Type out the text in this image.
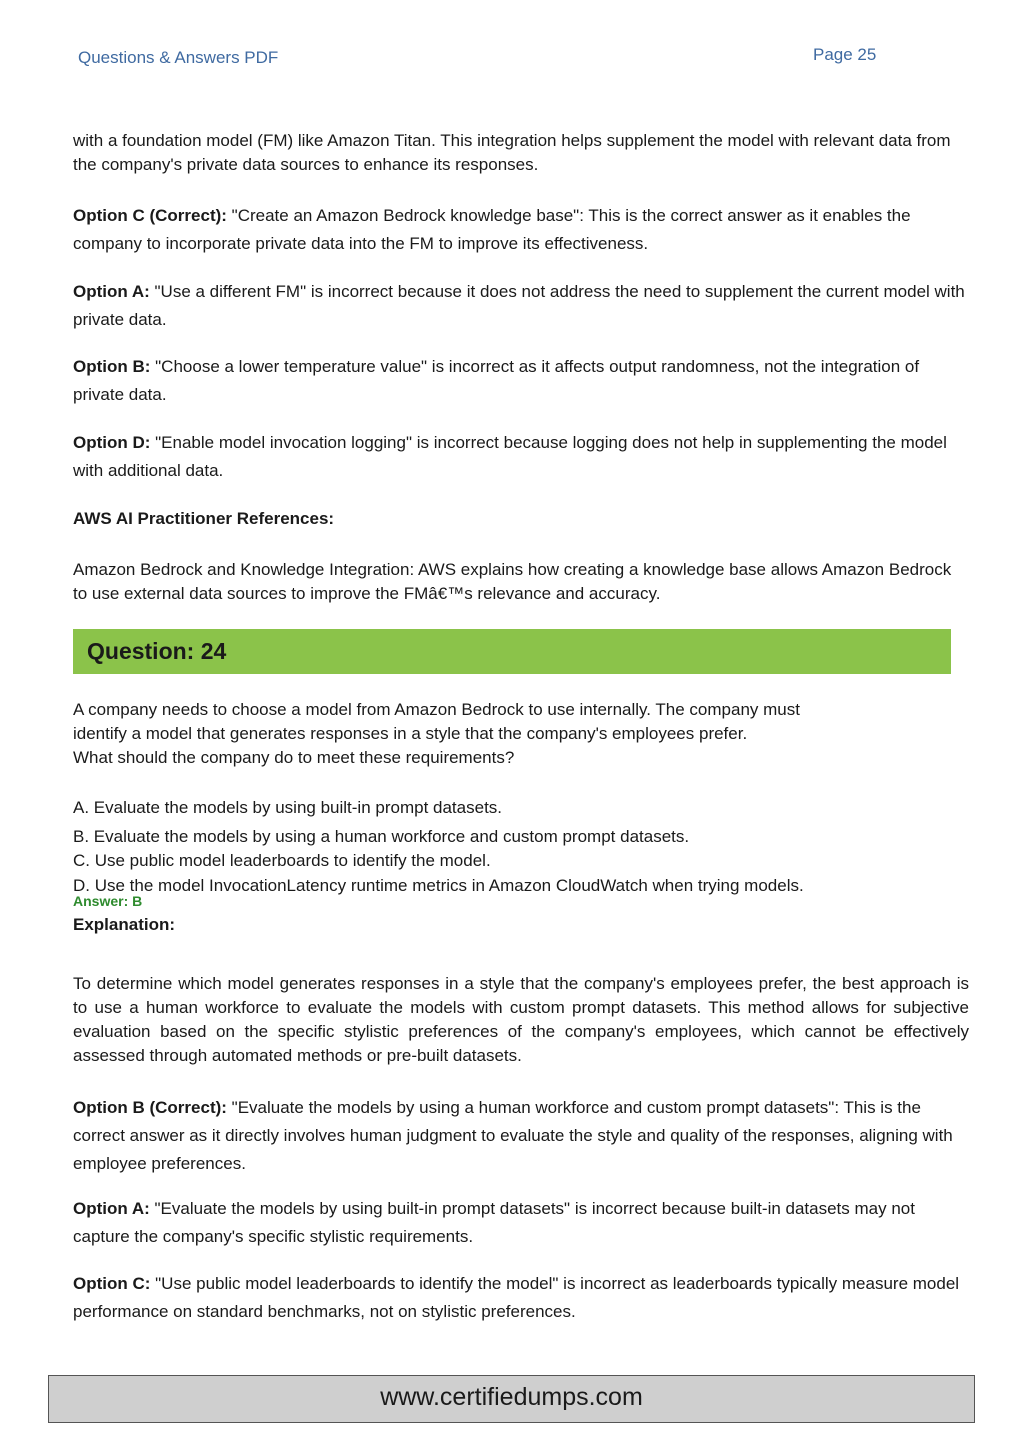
Questions & Answers PDF	Page 25

with a foundation model (FM) like Amazon Titan. This integration helps supplement the model with relevant data from the company's private data sources to enhance its responses.

Option C (Correct): "Create an Amazon Bedrock knowledge base": This is the correct answer as it enables the company to incorporate private data into the FM to improve its effectiveness.

Option A: "Use a different FM" is incorrect because it does not address the need to supplement the current model with private data.

Option B: "Choose a lower temperature value" is incorrect as it affects output randomness, not the integration of private data.

Option D: "Enable model invocation logging" is incorrect because logging does not help in supplementing the model with additional data.

AWS AI Practitioner References:

Amazon Bedrock and Knowledge Integration: AWS explains how creating a knowledge base allows Amazon Bedrock to use external data sources to improve the FMâ€™s relevance and accuracy.

Question: 24

A company needs to choose a model from Amazon Bedrock to use internally. The company must

identify a model that generates responses in a style that the company's employees prefer.

What should the company do to meet these requirements?

A. Evaluate the models by using built-in prompt datasets.

B. Evaluate the models by using a human workforce and custom prompt datasets.

C. Use public model leaderboards to identify the model.

D. Use the model InvocationLatency runtime metrics in Amazon CloudWatch when trying models.

Answer: B

Explanation:

To determine which model generates responses in a style that the company's employees prefer, the best approach is to use a human workforce to evaluate the models with custom prompt datasets. This method allows for subjective evaluation based on the specific stylistic preferences of the company's employees, which cannot be effectively assessed through automated methods or pre-built datasets.

Option B (Correct): "Evaluate the models by using a human workforce and custom prompt datasets": This is the correct answer as it directly involves human judgment to evaluate the style and quality of the responses, aligning with employee preferences.

Option A: "Evaluate the models by using built-in prompt datasets" is incorrect because built-in datasets may not capture the company's specific stylistic requirements.

Option C: "Use public model leaderboards to identify the model" is incorrect as leaderboards typically measure model performance on standard benchmarks, not on stylistic preferences.

www.certifiedumps.com
